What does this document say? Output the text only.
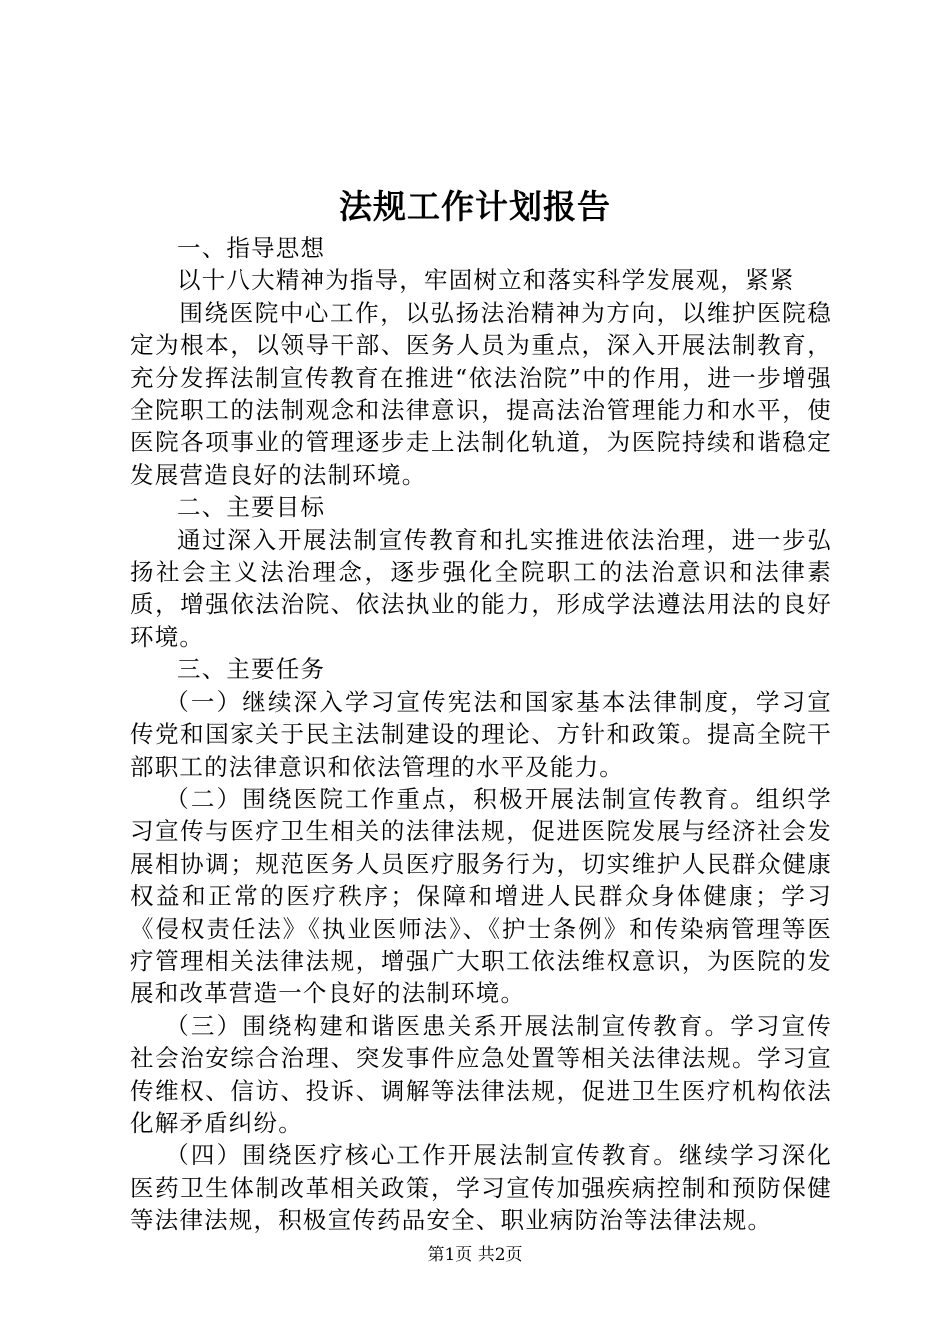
法规工作计划报告

一、指导思想

以十八大精神为指导，牢固树立和落实科学发展观，紧紧

围绕医院中心工作，以弘扬法治精神为方向，以维护医院稳定为根本，以领导干部、医务人员为重点，深入开展法制教育，充分发挥法制宣传教育在推进“依法治院”中的作用，进一步增强全院职工的法制观念和法律意识，提高法治管理能力和水平，使医院各项事业的管理逐步走上法制化轨道，为医院持续和谐稳定发展营造良好的法制环境。

二、主要目标

通过深入开展法制宣传教育和扎实推进依法治理，进一步弘扬社会主义法治理念，逐步强化全院职工的法治意识和法律素质，增强依法治院、依法执业的能力，形成学法遵法用法的良好环境。

三、主要任务

（一）继续深入学习宣传宪法和国家基本法律制度，学习宣传党和国家关于民主法制建设的理论、方针和政策。提高全院干部职工的法律意识和依法管理的水平及能力。

（二）围绕医院工作重点，积极开展法制宣传教育。组织学习宣传与医疗卫生相关的法律法规，促进医院发展与经济社会发展相协调；规范医务人员医疗服务行为，切实维护人民群众健康权益和正常的医疗秩序；保障和增进人民群众身体健康；学习《侵权责任法》《执业医师法》、《护士条例》和传染病管理等医疗管理相关法律法规，增强广大职工依法维权意识，为医院的发展和改革营造一个良好的法制环境。

（三）围绕构建和谐医患关系开展法制宣传教育。学习宣传社会治安综合治理、突发事件应急处置等相关法律法规。学习宣传维权、信访、投诉、调解等法律法规，促进卫生医疗机构依法化解矛盾纠纷。

（四）围绕医疗核心工作开展法制宣传教育。继续学习深化医药卫生体制改革相关政策，学习宣传加强疾病控制和预防保健等法律法规，积极宣传药品安全、职业病防治等法律法规。

第1页 共2页
